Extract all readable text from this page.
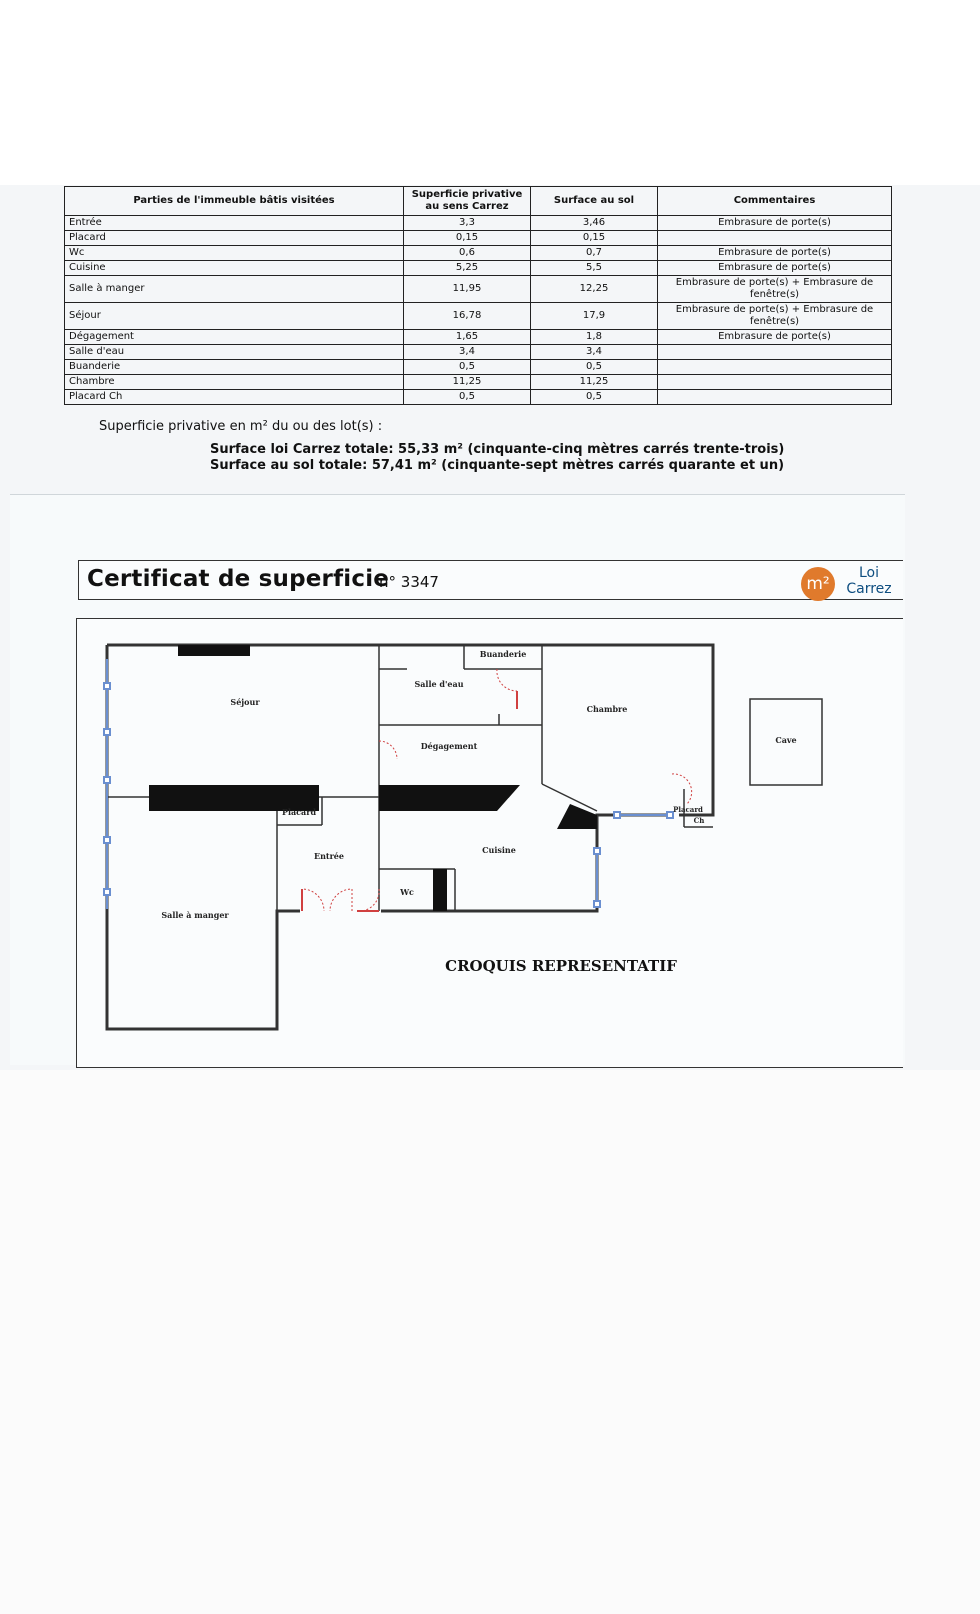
Parties de l'immeuble bâtis visitées	Superficie privative au sens Carrez	Surface au sol	Commentaires
Entrée	3,3	3,46	Embrasure de porte(s)
Placard	0,15	0,15	
Wc	0,6	0,7	Embrasure de porte(s)
Cuisine	5,25	5,5	Embrasure de porte(s)
Salle à manger	11,95	12,25	Embrasure de porte(s) + Embrasure de fenêtre(s)
Séjour	16,78	17,9	Embrasure de porte(s) + Embrasure de fenêtre(s)
Dégagement	1,65	1,8	Embrasure de porte(s)
Salle d'eau	3,4	3,4	
Buanderie	0,5	0,5	
Chambre	11,25	11,25	
Placard Ch	0,5	0,5	
Superficie privative en m² du ou des lot(s) :
Surface loi Carrez totale: 55,33 m² (cinquante-cinq mètres carrés trente-trois)
Surface au sol totale: 57,41 m² (cinquante-sept mètres carrés quarante et un)
Certificat de superficie
n° 3347	m²
Loi
Carrez
Séjour
Salle d'eau
Buanderie
Chambre
Dégagement
Placard
Entrée
Cuisine
Wc
Salle à manger
Placard
Ch
Cave
CROQUIS REPRESENTATIF
